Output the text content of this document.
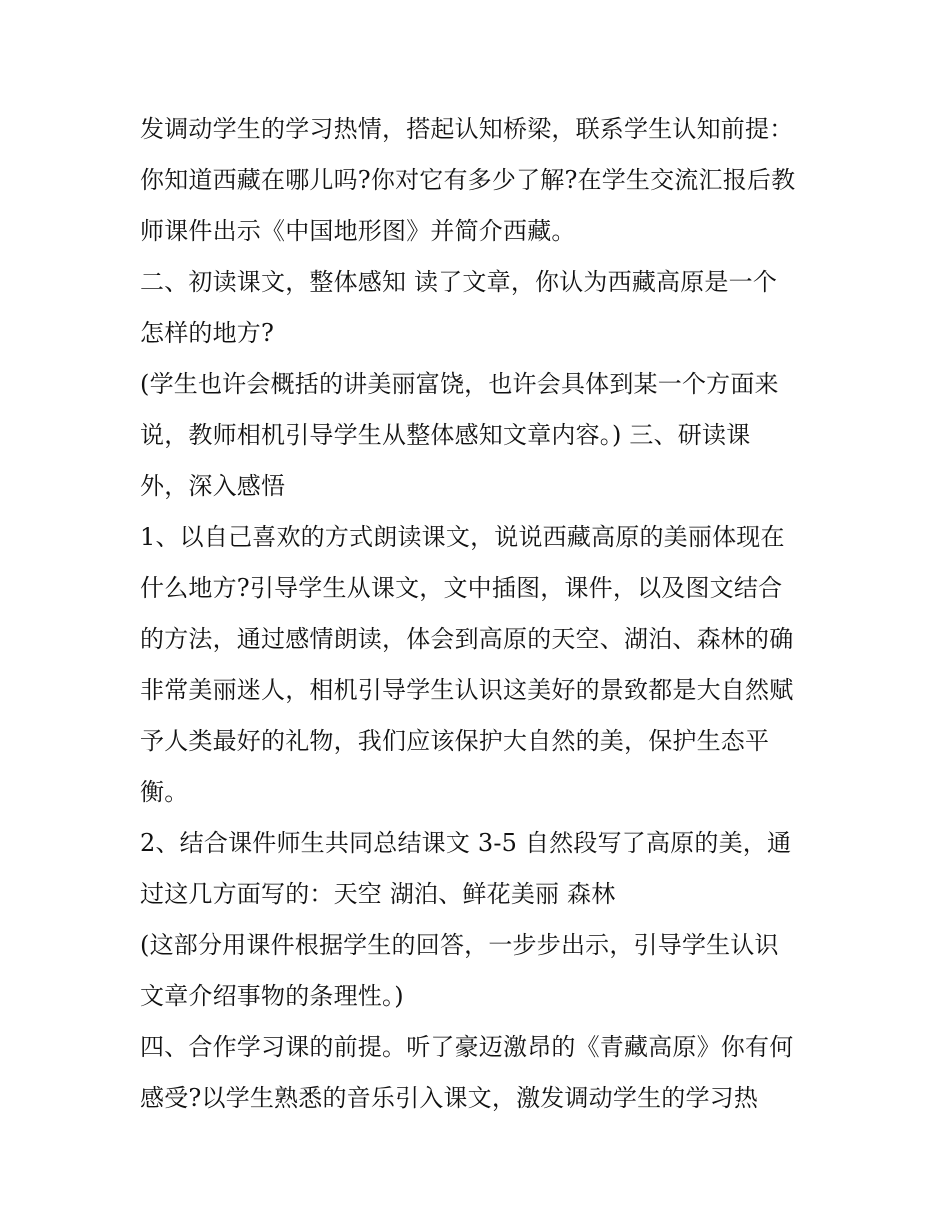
发调动学生的学习热情，搭起认知桥梁，联系学生认知前提：
你知道西藏在哪儿吗?你对它有多少了解?在学生交流汇报后教
师课件出示《中国地形图》并简介西藏。
二、初读课文，整体感知 读了文章，你认为西藏高原是一个
怎样的地方?
(学生也许会概括的讲美丽富饶，也许会具体到某一个方面来
说，教师相机引导学生从整体感知文章内容。) 三、研读课
外，深入感悟
1、以自己喜欢的方式朗读课文，说说西藏高原的美丽体现在
什么地方?引导学生从课文，文中插图，课件，以及图文结合
的方法，通过感情朗读，体会到高原的天空、湖泊、森林的确
非常美丽迷人，相机引导学生认识这美好的景致都是大自然赋
予人类最好的礼物，我们应该保护大自然的美，保护生态平
衡。
2、结合课件师生共同总结课文 3-5 自然段写了高原的美，通
过这几方面写的：天空 湖泊、鲜花美丽 森林
(这部分用课件根据学生的回答，一步步出示，引导学生认识
文章介绍事物的条理性。)
四、合作学习课的前提。听了豪迈激昂的《青藏高原》你有何
感受?以学生熟悉的音乐引入课文，激发调动学生的学习热
